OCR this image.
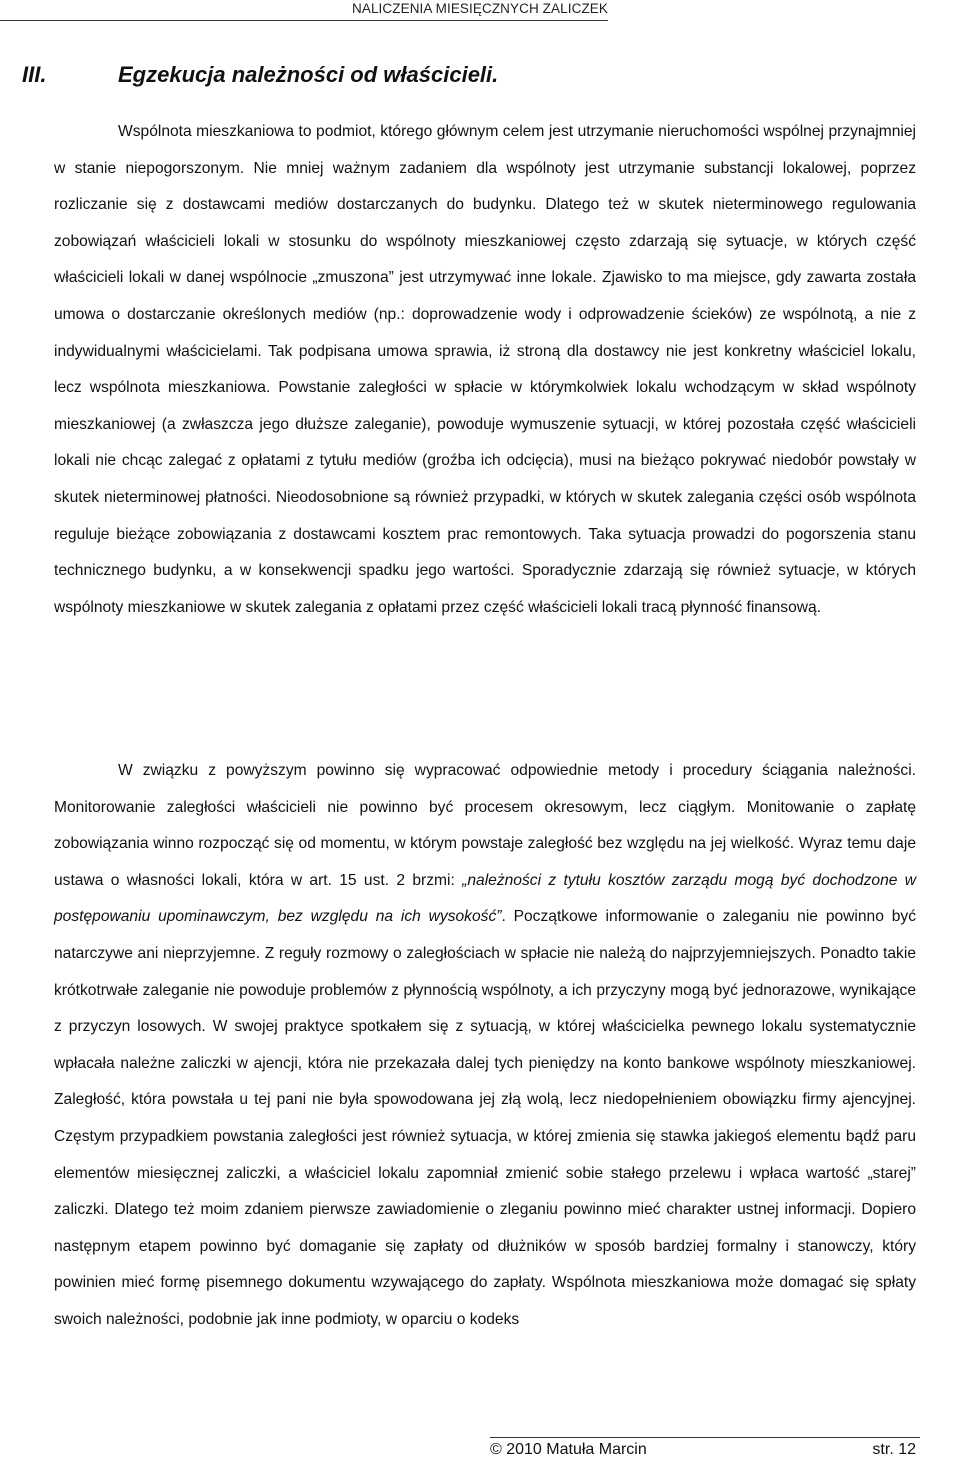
NALICZENIA MIESIĘCZNYCH ZALICZEK
III.	Egzekucja należności od właścicieli.

Wspólnota mieszkaniowa to podmiot, którego głównym celem jest utrzymanie nieruchomości wspólnej przynajmniej w stanie niepogorszonym. Nie mniej ważnym zadaniem dla wspólnoty jest utrzymanie substancji lokalowej, poprzez rozliczanie się z dostawcami mediów dostarczanych do budynku. Dlatego też w skutek nieterminowego regulowania zobowiązań właścicieli lokali w stosunku do wspólnoty mieszkaniowej często zdarzają się sytuacje, w których część właścicieli lokali w danej wspólnocie „zmuszona” jest utrzymywać inne lokale. Zjawisko to ma miejsce, gdy zawarta została umowa o dostarczanie określonych mediów (np.: doprowadzenie wody i odprowadzenie ścieków) ze wspólnotą, a nie z indywidualnymi właścicielami. Tak podpisana umowa sprawia, iż stroną dla dostawcy nie jest konkretny właściciel lokalu, lecz wspólnota mieszkaniowa. Powstanie zaległości w spłacie w którymkolwiek lokalu wchodzącym w skład wspólnoty mieszkaniowej (a zwłaszcza jego dłuższe zaleganie), powoduje wymuszenie sytuacji, w której pozostała część właścicieli lokali nie chcąc zalegać z opłatami z tytułu mediów (groźba ich odcięcia), musi na bieżąco pokrywać niedobór powstały w skutek nieterminowej płatności. Nieodosobnione są również przypadki, w których w skutek zalegania części osób wspólnota reguluje bieżące zobowiązania z dostawcami kosztem prac remontowych. Taka sytuacja prowadzi do pogorszenia stanu technicznego budynku, a w konsekwencji spadku jego wartości. Sporadycznie zdarzają się również sytuacje, w których wspólnoty mieszkaniowe w skutek zalegania z opłatami przez część właścicieli lokali tracą płynność finansową.

W związku z powyższym powinno się wypracować odpowiednie metody i procedury ściągania należności. Monitorowanie zaległości właścicieli nie powinno być procesem okresowym, lecz ciągłym. Monitowanie o zapłatę zobowiązania winno rozpocząć się od momentu, w którym powstaje zaległość bez względu na jej wielkość. Wyraz temu daje ustawa o własności lokali, która w art. 15 ust. 2 brzmi: „należności z tytułu kosztów zarządu mogą być dochodzone w postępowaniu upominawczym, bez względu na ich wysokość”. Początkowe informowanie o zaleganiu nie powinno być natarczywe ani nieprzyjemne. Z reguły rozmowy o zaległościach w spłacie nie należą do najprzyjemniejszych. Ponadto takie krótkotrwałe zaleganie nie powoduje problemów z płynnością wspólnoty, a ich przyczyny mogą być jednorazowe, wynikające z przyczyn losowych. W swojej praktyce spotkałem się z sytuacją, w której właścicielka pewnego lokalu systematycznie wpłacała należne zaliczki w ajencji, która nie przekazała dalej tych pieniędzy na konto bankowe wspólnoty mieszkaniowej. Zaległość, która powstała u tej pani nie była spowodowana jej złą wolą, lecz niedopełnieniem obowiązku firmy ajencyjnej. Częstym przypadkiem powstania zaległości jest również sytuacja, w której zmienia się stawka jakiegoś elementu bądź paru elementów miesięcznej zaliczki, a właściciel lokalu zapomniał zmienić sobie stałego przelewu i wpłaca wartość „starej” zaliczki. Dlatego też moim zdaniem pierwsze zawiadomienie o zleganiu powinno mieć charakter ustnej informacji. Dopiero następnym etapem powinno być domaganie się zapłaty od dłużników w sposób bardziej formalny i stanowczy, który powinien mieć formę pisemnego dokumentu wzywającego do zapłaty. Wspólnota mieszkaniowa może domagać się spłaty swoich należności, podobnie jak inne podmioty, w oparciu o kodeks

© 2010 Matuła Marcin	str. 12
